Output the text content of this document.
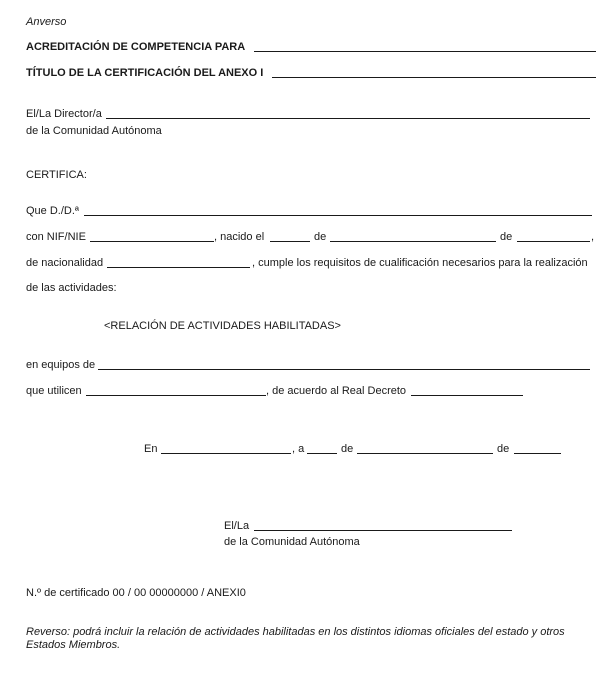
Anverso
ACREDITACIÓN DE COMPETENCIA PARA
TÍTULO DE LA CERTIFICACIÓN DEL ANEXO I
El/La Director/a
de la Comunidad Autónoma
CERTIFICA:
Que D./D.ª
con NIF/NIE	, nacido el	de	de	,
de nacionalidad	, cumple los requisitos de cualificación necesarios para la realización
de las actividades:
<RELACIÓN DE ACTIVIDADES HABILITADAS>
en equipos de
que utilicen	, de acuerdo al Real Decreto
En	, a	de	de
El/La
de la Comunidad Autónoma
N.º de certificado 00 / 00 00000000 / ANEXI0
Reverso: podrá incluir la relación de actividades habilitadas en los distintos idiomas oficiales del estado y otros
Estados Miembros.
